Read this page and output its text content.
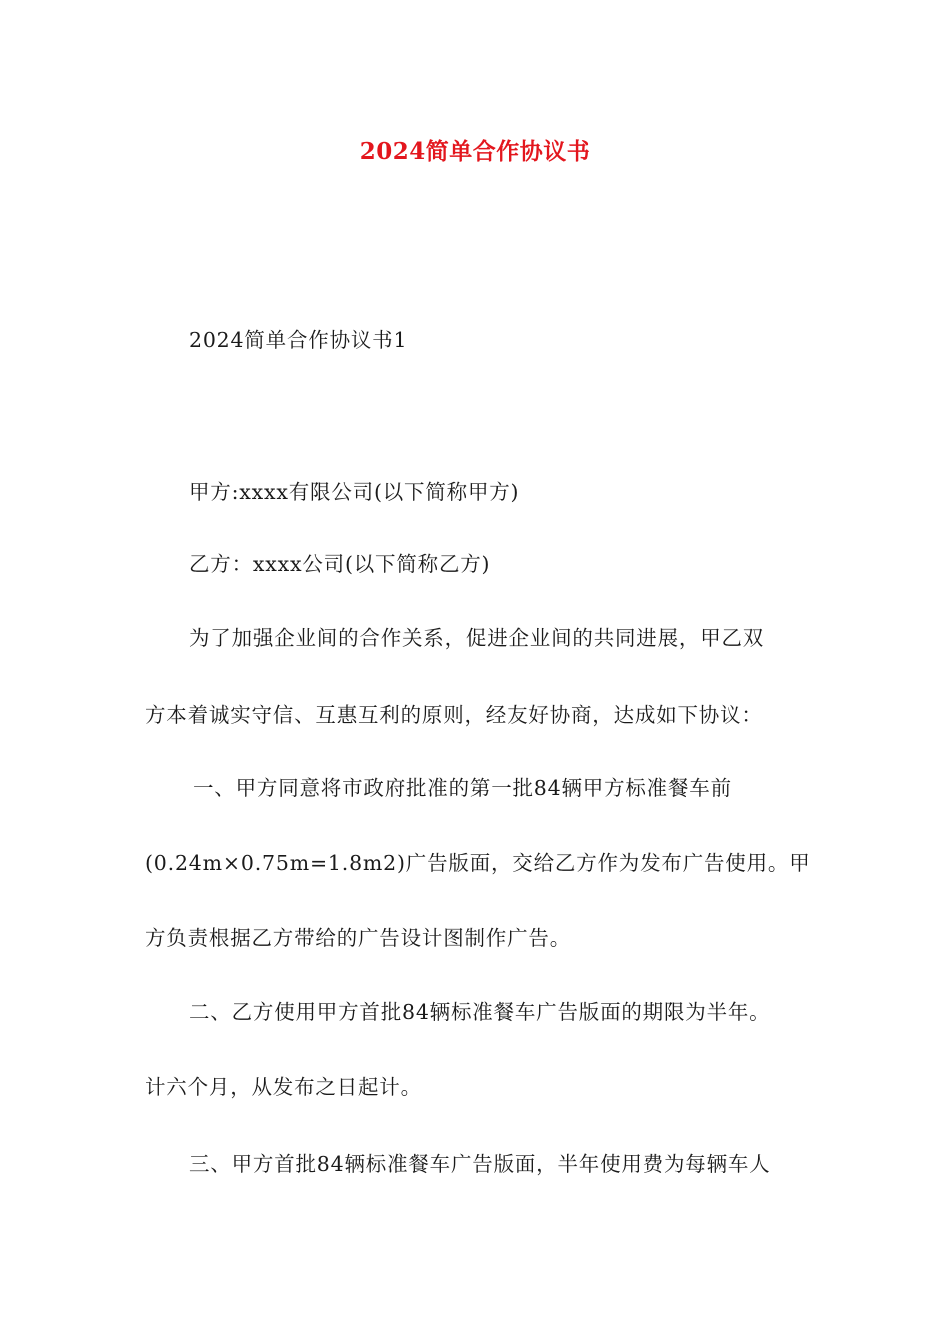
2024简单合作协议书
2024简单合作协议书1
甲方:xxxx有限公司(以下简称甲方)
乙方：xxxx公司(以下简称乙方)
为了加强企业间的合作关系，促进企业间的共同进展，甲乙双
方本着诚实守信、互惠互利的原则，经友好协商，达成如下协议：
一、甲方同意将市政府批准的第一批84辆甲方标准餐车前
(0.24m×0.75m=1.8m2)广告版面，交给乙方作为发布广告使用。甲
方负责根据乙方带给的广告设计图制作广告。
二、乙方使用甲方首批84辆标准餐车广告版面的期限为半年。
计六个月，从发布之日起计。
三、甲方首批84辆标准餐车广告版面，半年使用费为每辆车人
